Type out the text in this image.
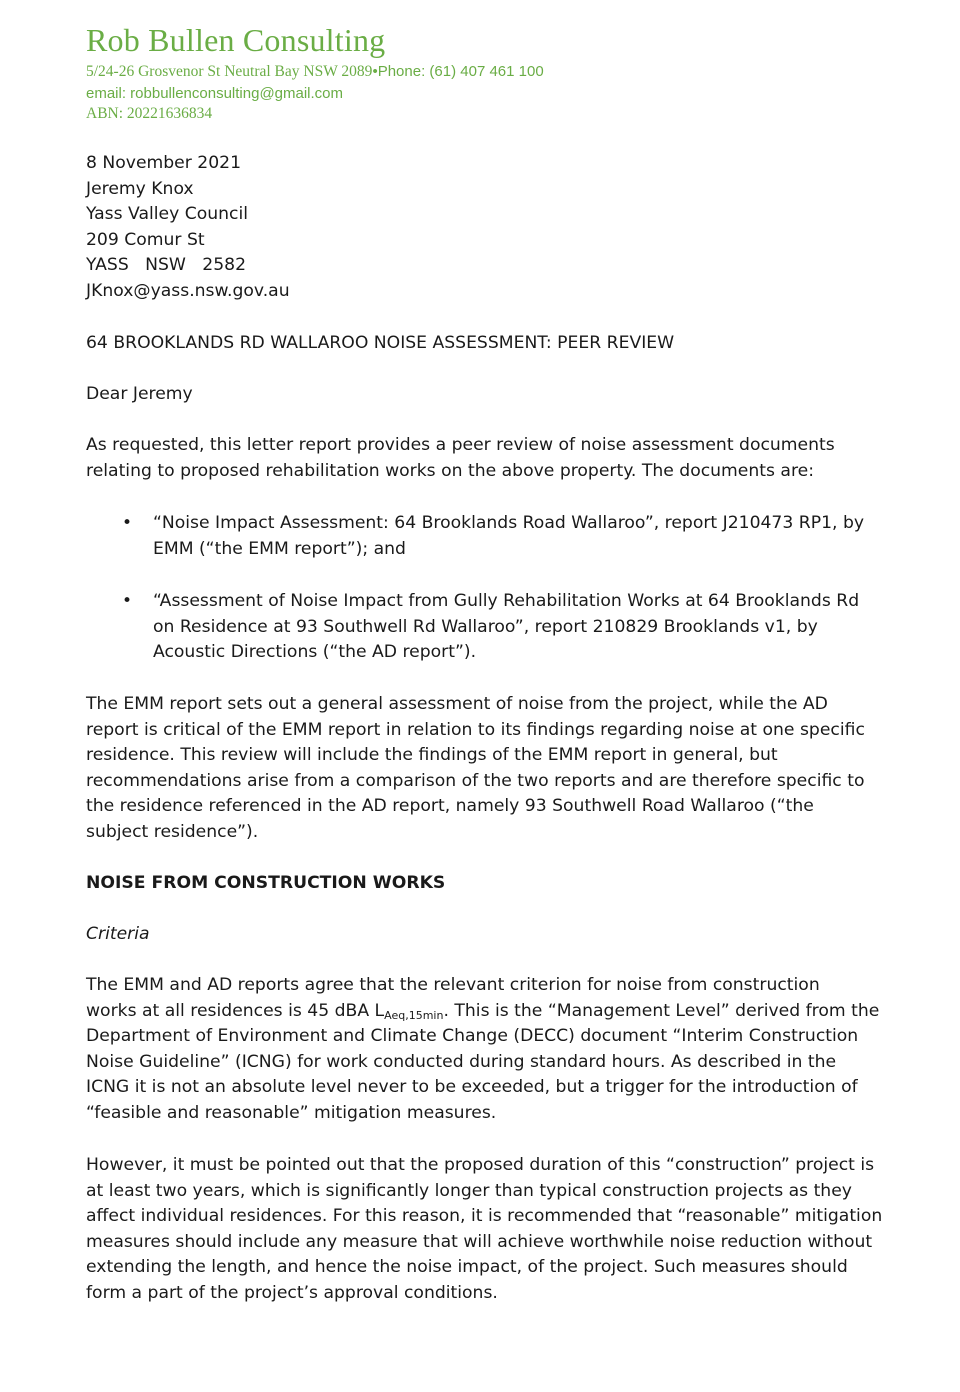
Rob Bullen Consulting
5/24-26 Grosvenor St Neutral Bay NSW 2089•Phone: (61) 407 461 100
email: robbullenconsulting@gmail.com
ABN: 20221636834
8 November 2021
Jeremy Knox
Yass Valley Council
209 Comur St
YASS   NSW   2582
JKnox@yass.nsw.gov.au
64 BROOKLANDS RD WALLAROO NOISE ASSESSMENT: PEER REVIEW
Dear Jeremy
As requested, this letter report provides a peer review of noise assessment documents
relating to proposed rehabilitation works on the above property. The documents are:
• “Noise Impact Assessment: 64 Brooklands Road Wallaroo”, report J210473 RP1, by
EMM (“the EMM report”); and
• “Assessment of Noise Impact from Gully Rehabilitation Works at 64 Brooklands Rd
on Residence at 93 Southwell Rd Wallaroo”, report 210829 Brooklands v1, by
Acoustic Directions (“the AD report”).
The EMM report sets out a general assessment of noise from the project, while the AD
report is critical of the EMM report in relation to its findings regarding noise at one specific
residence. This review will include the findings of the EMM report in general, but
recommendations arise from a comparison of the two reports and are therefore specific to
the residence referenced in the AD report, namely 93 Southwell Road Wallaroo (“the
subject residence”).
NOISE FROM CONSTRUCTION WORKS
Criteria
The EMM and AD reports agree that the relevant criterion for noise from construction
works at all residences is 45 dBA $L_{Aeq,15min}$. This is the “Management Level” derived from the
Department of Environment and Climate Change (DECC) document “Interim Construction
Noise Guideline” (ICNG) for work conducted during standard hours. As described in the
ICNG it is not an absolute level never to be exceeded, but a trigger for the introduction of
“feasible and reasonable” mitigation measures.
However, it must be pointed out that the proposed duration of this “construction” project is
at least two years, which is significantly longer than typical construction projects as they
affect individual residences. For this reason, it is recommended that “reasonable” mitigation
measures should include any measure that will achieve worthwhile noise reduction without
extending the length, and hence the noise impact, of the project. Such measures should
form a part of the project’s approval conditions.
